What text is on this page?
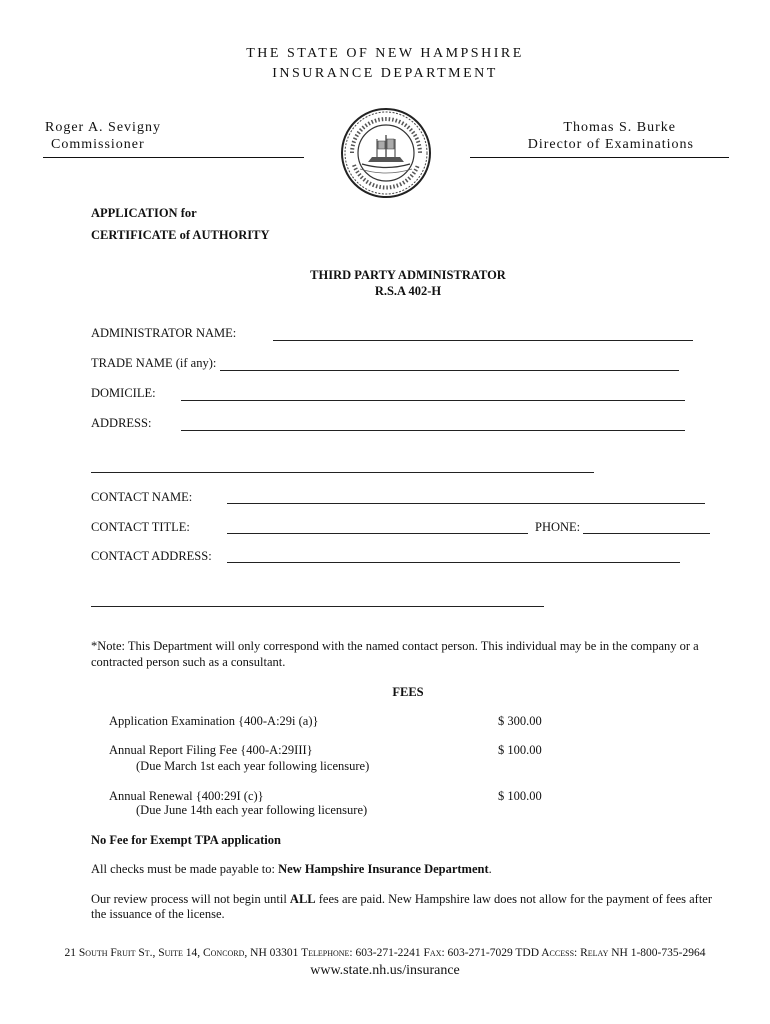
THE STATE OF NEW HAMPSHIRE
INSURANCE DEPARTMENT
Roger A. Sevigny
Commissioner
Thomas S. Burke
Director of Examinations
APPLICATION for
CERTIFICATE of AUTHORITY
THIRD PARTY ADMINISTRATOR
R.S.A 402-H
ADMINISTRATOR NAME:
TRADE NAME (if any):
DOMICILE:
ADDRESS:
CONTACT NAME:
CONTACT TITLE:	PHONE:
CONTACT ADDRESS:
*Note: This Department will only correspond with the named contact person. This individual may be in the company or a
contracted person such as a consultant.
FEES
Application Examination {400-A:29i (a)}	$ 300.00
Annual Report Filing Fee {400-A:29III}
(Due March 1st each year following licensure)
$ 100.00
Annual Renewal {400:29I (c)}
(Due June 14th each year following licensure)
$ 100.00
No Fee for Exempt TPA application
All checks must be made payable to: New Hampshire Insurance Department.
Our review process will not begin until ALL fees are paid. New Hampshire law does not allow for the payment of fees after
the issuance of the license.
21 South Fruit St., Suite 14, Concord, NH 03301 Telephone: 603-271-2241 Fax: 603-271-7029 TDD Access: Relay NH 1-800-735-2964
www.state.nh.us/insurance
